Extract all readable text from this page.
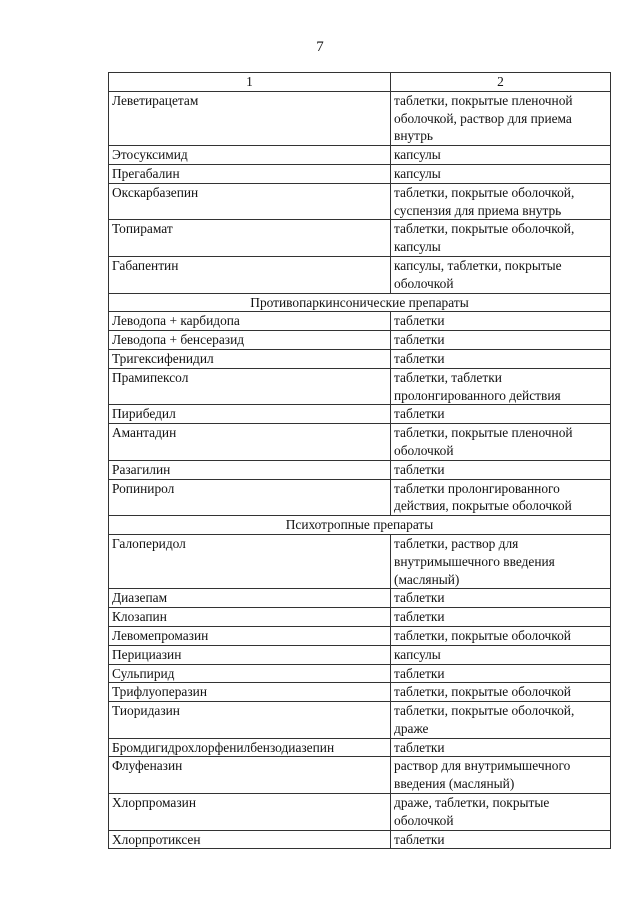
7
1	2
Леветирацетам	таблетки, покрытые пленочной оболочкой, раствор для приема внутрь
Этосуксимид	капсулы
Прегабалин	капсулы
Окскарбазепин	таблетки, покрытые оболочкой, суспензия для приема внутрь
Топирамат	таблетки, покрытые оболочкой, капсулы
Габапентин	капсулы, таблетки, покрытые оболочкой
Противопаркинсонические препараты	
Леводопа + карбидопа	таблетки
Леводопа + бенсеразид	таблетки
Тригексифенидил	таблетки
Прамипексол	таблетки, таблетки пролонгированного действия
Пирибедил	таблетки
Амантадин	таблетки, покрытые пленочной оболочкой
Разагилин	таблетки
Ропинирол	таблетки пролонгированного действия, покрытые оболочкой
Психотропные препараты	
Галоперидол	таблетки, раствор для внутримышечного введения (масляный)
Диазепам	таблетки
Клозапин	таблетки
Левомепромазин	таблетки, покрытые оболочкой
Перициазин	капсулы
Сульпирид	таблетки
Трифлуоперазин	таблетки, покрытые оболочкой
Тиоридазин	таблетки, покрытые оболочкой, драже
Бромдигидрохлорфенилбензодиазепин	таблетки
Флуфеназин	раствор для внутримышечного введения (масляный)
Хлорпромазин	драже, таблетки, покрытые оболочкой
Хлорпротиксен	таблетки
